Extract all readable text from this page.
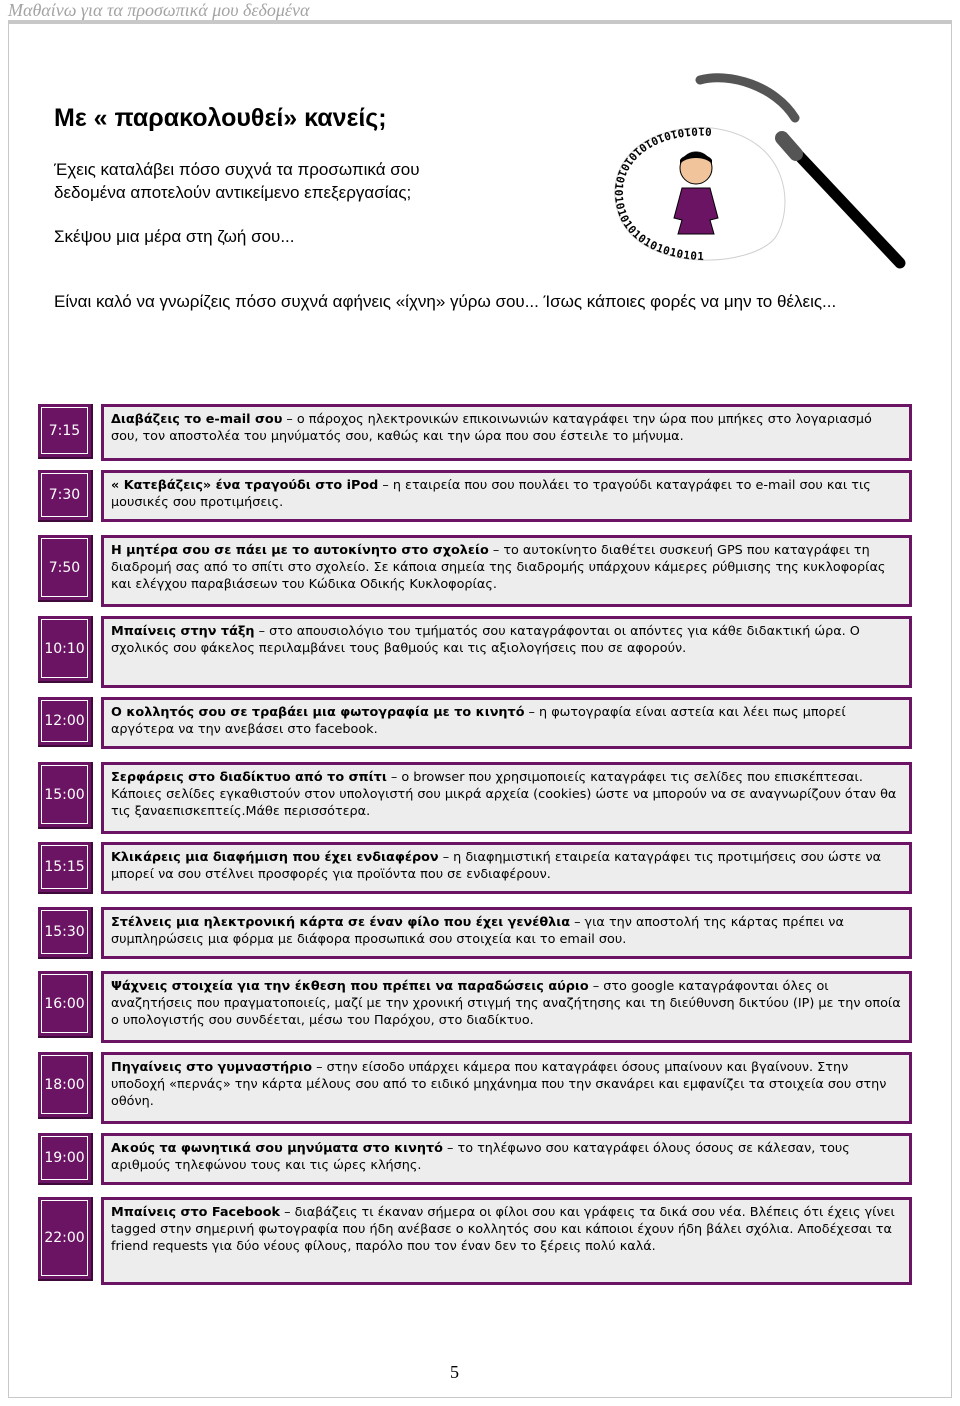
Μαθαίνω για τα προσωπικά μου δεδομένα
Με « παρακολουθεί» κανείς;

Έχεις καταλάβει πόσο συχνά τα προσωπικά σου δεδομένα αποτελούν αντικείμενο επεξεργασίας;

Σκέψου μια μέρα στη ζωή σου...

Είναι καλό να γνωρίζεις πόσο συχνά αφήνεις «ίχνη» γύρω σου... Ίσως κάποιες φορές να μην το θέλεις...

010101010101010101010101010101010101
7:15
Διαβάζεις το e-mail σου – ο πάροχος ηλεκτρονικών επικοινωνιών καταγράφει την ώρα που μπήκες στο λογαριασμό σου, τον αποστολέα του μηνύματός σου, καθώς και την ώρα που σου έστειλε το μήνυμα.
7:30
« Κατεβάζεις» ένα τραγούδι στο iPod – η εταιρεία που σου πουλάει το τραγούδι καταγράφει το e-mail σου και τις μουσικές σου προτιμήσεις.
7:50
Η μητέρα σου σε πάει με το αυτοκίνητο στο σχολείο – το αυτοκίνητο διαθέτει συσκευή GPS που καταγράφει τη διαδρομή σας από το σπίτι στο σχολείο. Σε κάποια σημεία της διαδρομής υπάρχουν κάμερες ρύθμισης της κυκλοφορίας και ελέγχου παραβιάσεων του Κώδικα Οδικής Κυκλοφορίας.
10:10
Μπαίνεις στην τάξη – στο απουσιολόγιο του τμήματός σου καταγράφονται οι απόντες για κάθε διδακτική ώρα. Ο σχολικός σου φάκελος περιλαμβάνει τους βαθμούς και τις αξιολογήσεις που σε αφορούν.
12:00
Ο κολλητός σου σε τραβάει μια φωτογραφία με το κινητό – η φωτογραφία είναι αστεία και λέει πως μπορεί αργότερα να την ανεβάσει στο facebook.
15:00
Σερφάρεις στο διαδίκτυο από το σπίτι – ο browser που χρησιμοποιείς καταγράφει τις σελίδες που επισκέπτεσαι. Κάποιες σελίδες εγκαθιστούν στον υπολογιστή σου μικρά αρχεία (cookies) ώστε να μπορούν να σε αναγνωρίζουν όταν θα τις ξαναεπισκεπτείς.Μάθε περισσότερα.
15:15
Κλικάρεις μια διαφήμιση που έχει ενδιαφέρον – η διαφημιστική εταιρεία καταγράφει τις προτιμήσεις σου ώστε να μπορεί να σου στέλνει προσφορές για προϊόντα που σε ενδιαφέρουν.
15:30
Στέλνεις μια ηλεκτρονική κάρτα σε έναν φίλο που έχει γενέθλια – για την αποστολή της κάρτας πρέπει να συμπληρώσεις μια φόρμα με διάφορα προσωπικά σου στοιχεία και το email σου.
16:00
Ψάχνεις στοιχεία για την έκθεση που πρέπει να παραδώσεις αύριο – στο google καταγράφονται όλες οι αναζητήσεις που πραγματοποιείς, μαζί με την χρονική στιγμή της αναζήτησης και τη διεύθυνση δικτύου (IP) με την οποία ο υπολογιστής σου συνδέεται, μέσω του Παρόχου, στο διαδίκτυο.
18:00
Πηγαίνεις στο γυμναστήριο – στην είσοδο υπάρχει κάμερα που καταγράφει όσους μπαίνουν και βγαίνουν. Στην υποδοχή «περνάς» την κάρτα μέλους σου από το ειδικό μηχάνημα που την σκανάρει και εμφανίζει τα στοιχεία σου στην οθόνη.
19:00
Ακούς τα φωνητικά σου μηνύματα στο κινητό – το τηλέφωνο σου καταγράφει όλους όσους σε κάλεσαν, τους αριθμούς τηλεφώνου τους και τις ώρες κλήσης.
22:00
Μπαίνεις στο Facebook – διαβάζεις τι έκαναν σήμερα οι φίλοι σου και γράφεις τα δικά σου νέα. Βλέπεις ότι έχεις γίνει tagged στην σημερινή φωτογραφία που ήδη ανέβασε ο κολλητός σου και κάποιοι έχουν ήδη βάλει σχόλια. Αποδέχεσαι τα friend requests για δύο νέους φίλους, παρόλο που τον έναν δεν το ξέρεις πολύ καλά.
5
